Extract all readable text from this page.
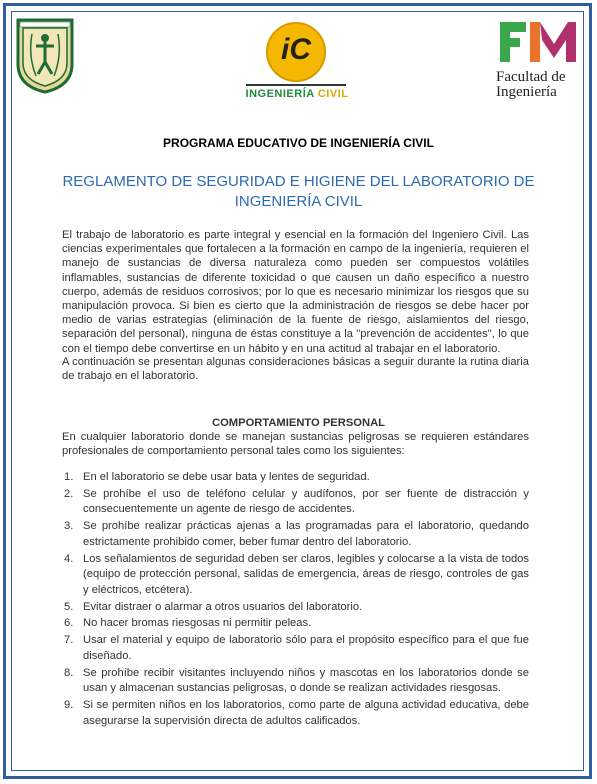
iC
INGENIERÍA CIVIL
Facultad de
Ingeniería
PROGRAMA EDUCATIVO DE INGENIERÍA CIVIL
REGLAMENTO DE SEGURIDAD E HIGIENE DEL LABORATORIO DE INGENIERÍA CIVIL

El trabajo de laboratorio es parte integral y esencial en la formación del Ingeniero Civil. Las ciencias experimentales que fortalecen a la formación en campo de la ingeniería, requieren el manejo de sustancias de diversa naturaleza como pueden ser compuestos volátiles inflamables, sustancias de diferente toxicidad o que causen un daño específico a nuestro cuerpo, además de residuos corrosivos; por lo que es necesario minimizar los riesgos que su manipulación provoca. Si bien es cierto que la administración de riesgos se debe hacer por medio de varias estrategias (eliminación de la fuente de riesgo, aislamientos del riesgo, separación del personal), ninguna de éstas constituye a la "prevención de accidentes", lo que con el tiempo debe convertirse en un hábito y en una actitud al trabajar en el laboratorio.

A continuación se presentan algunas consideraciones básicas a seguir durante la rutina diaria de trabajo en el laboratorio.

COMPORTAMIENTO PERSONAL

En cualquier laboratorio donde se manejan sustancias peligrosas se requieren estándares profesionales de comportamiento personal tales como los siguientes:

1. En el laboratorio se debe usar bata y lentes de seguridad.
2. Se prohíbe el uso de teléfono celular y audífonos, por ser fuente de distracción y consecuentemente un agente de riesgo de accidentes.
3. Se prohíbe realizar prácticas ajenas a las programadas para el laboratorio, quedando estrictamente prohibido comer, beber fumar dentro del laboratorio.
4. Los señalamientos de seguridad deben ser claros, legibles y colocarse a la vista de todos (equipo de protección personal, salidas de emergencia, áreas de riesgo, controles de gas y eléctricos, etcétera).
5. Evitar distraer o alarmar a otros usuarios del laboratorio.
6. No hacer bromas riesgosas ni permitir peleas.
7. Usar el material y equipo de laboratorio sólo para el propósito específico para el que fue diseñado.
8. Se prohíbe recibir visitantes incluyendo niños y mascotas en los laboratorios donde se usan y almacenan sustancias peligrosas, o donde se realizan actividades riesgosas.
9. Si se permiten niños en los laboratorios, como parte de alguna actividad educativa, debe asegurarse la supervisión directa de adultos calificados.
